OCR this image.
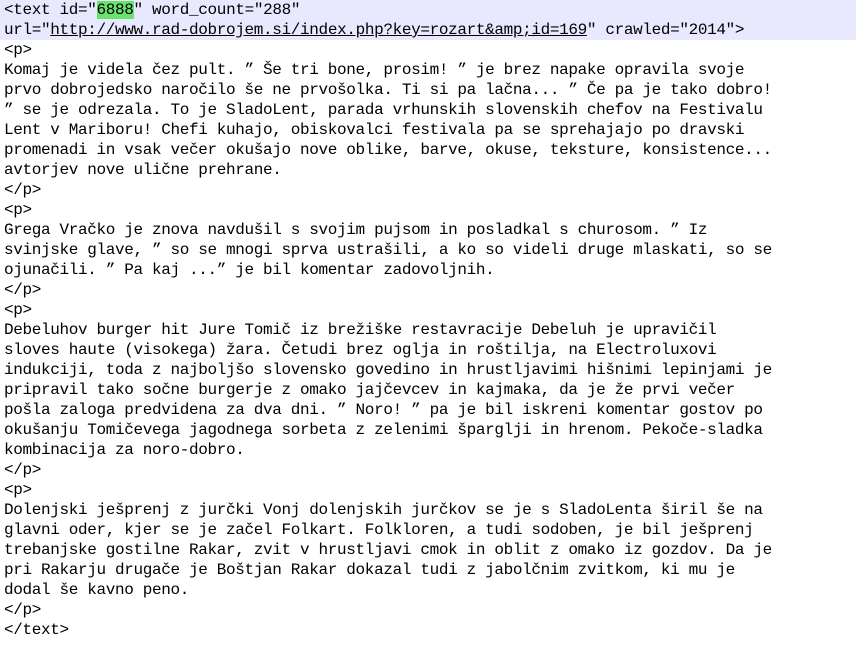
<text id="6888" word_count="288"
url="http://www.rad-dobrojem.si/index.php?key=rozart&amp;id=169" crawled="2014">
<p>
Komaj je videla čez pult. ” Še tri bone, prosim! ” je brez napake opravila svoje
prvo dobrojedsko naročilo še ne prvošolka. Ti si pa lačna... ” Če pa je tako dobro!
” se je odrezala. To je SladoLent, parada vrhunskih slovenskih chefov na Festivalu
Lent v Mariboru! Chefi kuhajo, obiskovalci festivala pa se sprehajajo po dravski
promenadi in vsak večer okušajo nove oblike, barve, okuse, teksture, konsistence...
avtorjev nove ulične prehrane.
</p>
<p>
Grega Vračko je znova navdušil s svojim pujsom in posladkal s churosom. ” Iz
svinjske glave, ” so se mnogi sprva ustrašili, a ko so videli druge mlaskati, so se
ojunačili. ” Pa kaj ...” je bil komentar zadovoljnih.
</p>
<p>
Debeluhov burger hit Jure Tomič iz brežiške restavracije Debeluh je upravičil
sloves haute (visokega) žara. Četudi brez oglja in roštilja, na Electroluxovi
indukciji, toda z najboljšo slovensko govedino in hrustljavimi hišnimi lepinjami je
pripravil tako sočne burgerje z omako jajčevcev in kajmaka, da je že prvi večer
pošla zaloga predvidena za dva dni. ” Noro! ” pa je bil iskreni komentar gostov po
okušanju Tomičevega jagodnega sorbeta z zelenimi šparglji in hrenom. Pekoče-sladka
kombinacija za noro-dobro.
</p>
<p>
Dolenjski ješprenj z jurčki Vonj dolenjskih jurčkov se je s SladoLenta širil še na
glavni oder, kjer se je začel Folkart. Folkloren, a tudi sodoben, je bil ješprenj
trebanjske gostilne Rakar, zvit v hrustljavi cmok in oblit z omako iz gozdov. Da je
pri Rakarju drugače je Boštjan Rakar dokazal tudi z jabolčnim zvitkom, ki mu je
dodal še kavno peno.
</p>
</text>
